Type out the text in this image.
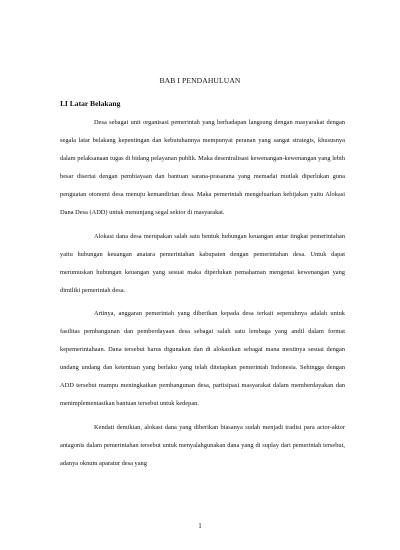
BAB I PENDAHULUAN
I.I Latar Belakang

Desa sebagai unit organisasi pemerintah yang berhadapan langsung dengan masyarakat dengan segala latar belakang kepentingan dan kebutuhannya mempunyai peranan yang sangat strategis, khususnya dalam pelaksanaan tugas di bidang pelayanan publik. Maka desentralisasi kewenangan-kewenangan yang lebih besar disertai dengan pembiayaan dan bantuan sarana-prasarana yang memadai mutlak diperlukan guna penguatan otonomi desa menuju kemandirian desa. Maka pemerintah mengeluarkan kebijakan yaitu Alokasi Dana Desa (ADD) untuk menunjang segal sektor di masyarakat.

Alokasi dana desa merupakan salah satu bentuk hubungan keuangan antar tingkat pemerintahan yaitu hubungan keuangan anatara pemerintahan kabupaten dengan pemerintahan desa. Untuk dapat merumuskan hubungan keuangan yang sesuai maka diperlukan pemahaman mengenai kewenangan yang dimiliki pemerintah desa.

Artinya, anggaran pemerintah yang diberikan kepada desa terkait sepenuhnya adalah untuk fasilitas pembangunan dan pemberdayaan desa sebagai salah satu lembaga yang andil dalam format kepemerintahaan. Dana tersebut harus digunakan dan di alokasikan sebagai mana mestinya sesuai dengan undang undang dan ketentuan yang berlaku yang telah ditetapkan pemerintah Indonesia. Sehingga dengan ADD tersebut mampu meningkatkan pembangunan desa, partisipasi masyarakat dalam memberdayakan dan menimplementasikan bantuan tersebut untuk kedepan.

Kendati demikian, alokasi dana yang diberikan biasanya sudah menjadi tradisi para actor-aktor antagonis dalam pemerintahan tersebut untuk menyalahgunakan dana yang di suplay dari pemerintah tersebut, adanya oknum aparatur desa yang

1
